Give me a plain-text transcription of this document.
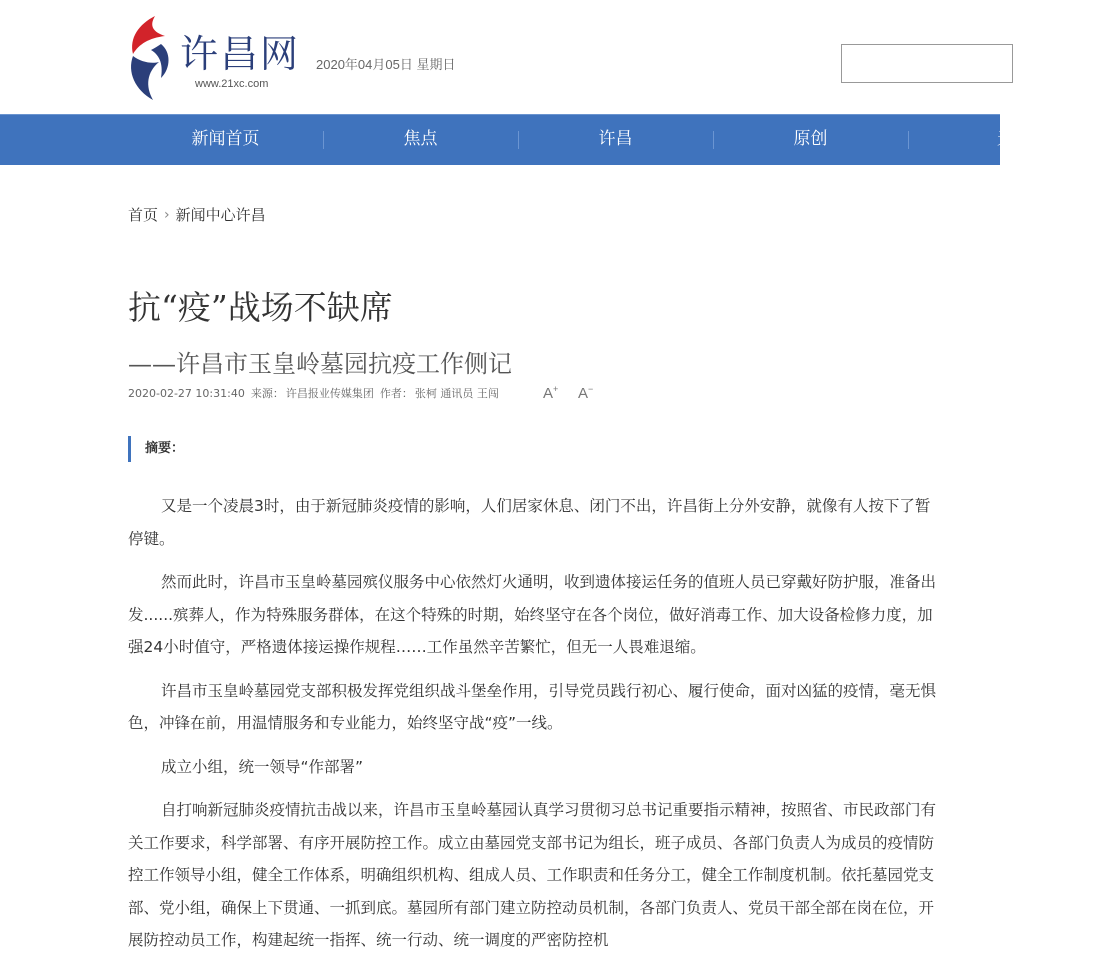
许昌网
www.21xc.com
2020年04月05日 星期日
新闻首页	焦点	许昌	原创	天
首页 › 新闻中心许昌
抗“疫”战场不缺席
——许昌市玉皇岭墓园抗疫工作侧记
2020-02-27 10:31:40 来源： 许昌报业传媒集团 作者： 张柯 通讯员 王闯	A+ A−
摘要：

又是一个凌晨3时，由于新冠肺炎疫情的影响，人们居家休息、闭门不出，许昌街上分外安静，就像有人按下了暂停键。

然而此时，许昌市玉皇岭墓园殡仪服务中心依然灯火通明，收到遗体接运任务的值班人员已穿戴好防护服，准备出发......殡葬人，作为特殊服务群体，在这个特殊的时期，始终坚守在各个岗位，做好消毒工作、加大设备检修力度，加强24小时值守，严格遗体接运操作规程……工作虽然辛苦繁忙，但无一人畏难退缩。

许昌市玉皇岭墓园党支部积极发挥党组织战斗堡垒作用，引导党员践行初心、履行使命，面对凶猛的疫情，毫无惧色，冲锋在前，用温情服务和专业能力，始终坚守战“疫”一线。

成立小组，统一领导“作部署”

自打响新冠肺炎疫情抗击战以来，许昌市玉皇岭墓园认真学习贯彻习总书记重要指示精神，按照省、市民政部门有关工作要求，科学部署、有序开展防控工作。成立由墓园党支部书记为组长，班子成员、各部门负责人为成员的疫情防控工作领导小组，健全工作体系，明确组织机构、组成人员、工作职责和任务分工，健全工作制度机制。依托墓园党支部、党小组，确保上下贯通、一抓到底。墓园所有部门建立防控动员机制，各部门负责人、党员干部全部在岗在位，开展防控动员工作，构建起统一指挥、统一行动、统一调度的严密防控机
